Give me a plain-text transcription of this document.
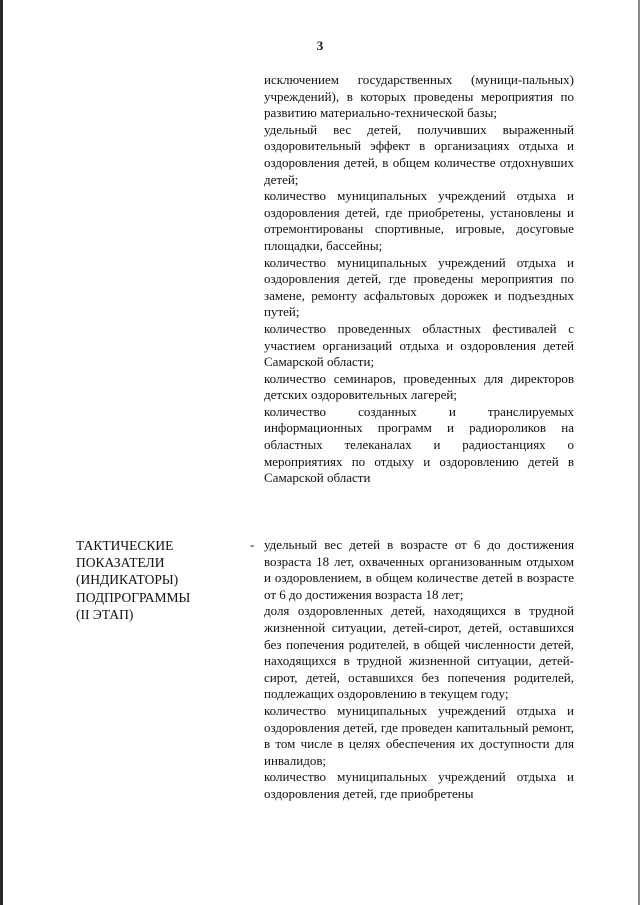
3

исключением государственных (муници-пальных) учреждений), в которых проведены мероприятия по развитию материально-технической базы;

удельный вес детей, получивших выраженный оздоровительный эффект в организациях отдыха и оздоровления детей, в общем количестве отдохнувших детей;

количество муниципальных учреждений отдыха и оздоровления детей, где приобретены, установлены и отремонтированы спортивные, игровые, досуговые площадки, бассейны;

количество муниципальных учреждений отдыха и оздоровления детей, где проведены мероприятия по замене, ремонту асфальтовых дорожек и подъездных путей;

количество проведенных областных фестивалей с участием организаций отдыха и оздоровления детей Самарской области;

количество семинаров, проведенных для директоров детских оздоровительных лагерей;

количество созданных и транслируемых информационных программ и радиороликов на областных телеканалах и радиостанциях о мероприятиях по отдыху и оздоровлению детей в Самарской области

ТАКТИЧЕСКИЕ
ПОКАЗАТЕЛИ
(ИНДИКАТОРЫ)
ПОДПРОГРАММЫ
(II ЭТАП)
- удельный вес детей в возрасте от 6 до достижения возраста 18 лет, охваченных организованным отдыхом и оздоровлением, в общем количестве детей в возрасте от 6 до достижения возраста 18 лет;

доля оздоровленных детей, находящихся в трудной жизненной ситуации, детей-сирот, детей, оставшихся без попечения родителей, в общей численности детей, находящихся в трудной жизненной ситуации, детей-сирот, детей, оставшихся без попечения родителей, подлежащих оздоровлению в текущем году;

количество муниципальных учреждений отдыха и оздоровления детей, где проведен капитальный ремонт, в том числе в целях обеспечения их доступности для инвалидов;

количество муниципальных учреждений отдыха и оздоровления детей, где приобретены
